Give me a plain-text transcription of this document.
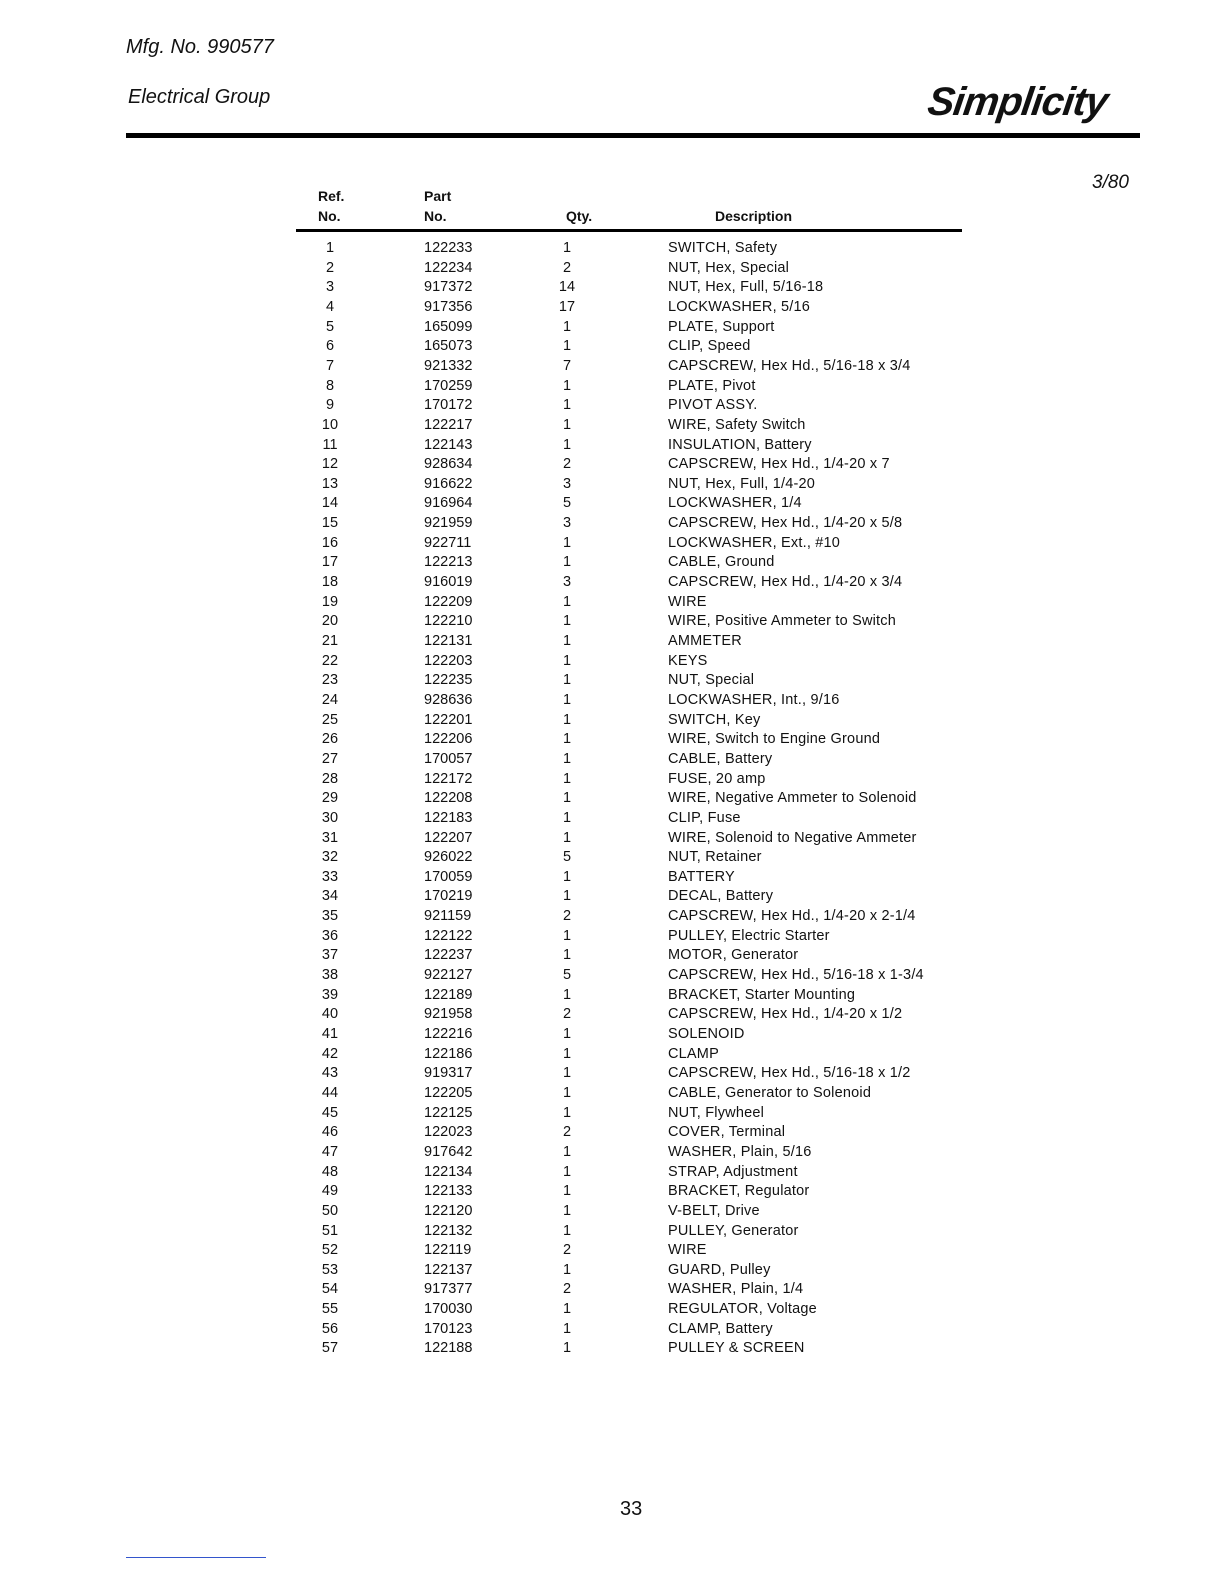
Mfg. No. 990577
Electrical Group	Simplicity
3/80
Ref.
No.
Part
No.	Qty.	Description
1	122233	1	SWITCH, Safety
2	122234	2	NUT, Hex, Special
3	917372	14	NUT, Hex, Full, 5/16-18
4	917356	17	LOCKWASHER, 5/16
5	165099	1	PLATE, Support
6	165073	1	CLIP, Speed
7	921332	7	CAPSCREW, Hex Hd., 5/16-18 x 3/4
8	170259	1	PLATE, Pivot
9	170172	1	PIVOT ASSY.
10	122217	1	WIRE, Safety Switch
11	122143	1	INSULATION, Battery
12	928634	2	CAPSCREW, Hex Hd., 1/4-20 x 7
13	916622	3	NUT, Hex, Full, 1/4-20
14	916964	5	LOCKWASHER, 1/4
15	921959	3	CAPSCREW, Hex Hd., 1/4-20 x 5/8
16	922711	1	LOCKWASHER, Ext., #10
17	122213	1	CABLE, Ground
18	916019	3	CAPSCREW, Hex Hd., 1/4-20 x 3/4
19	122209	1	WIRE
20	122210	1	WIRE, Positive Ammeter to Switch
21	122131	1	AMMETER
22	122203	1	KEYS
23	122235	1	NUT, Special
24	928636	1	LOCKWASHER, Int., 9/16
25	122201	1	SWITCH, Key
26	122206	1	WIRE, Switch to Engine Ground
27	170057	1	CABLE, Battery
28	122172	1	FUSE, 20 amp
29	122208	1	WIRE, Negative Ammeter to Solenoid
30	122183	1	CLIP, Fuse
31	122207	1	WIRE, Solenoid to Negative Ammeter
32	926022	5	NUT, Retainer
33	170059	1	BATTERY
34	170219	1	DECAL, Battery
35	921159	2	CAPSCREW, Hex Hd., 1/4-20 x 2-1/4
36	122122	1	PULLEY, Electric Starter
37	122237	1	MOTOR, Generator
38	922127	5	CAPSCREW, Hex Hd., 5/16-18 x 1-3/4
39	122189	1	BRACKET, Starter Mounting
40	921958	2	CAPSCREW, Hex Hd., 1/4-20 x 1/2
41	122216	1	SOLENOID
42	122186	1	CLAMP
43	919317	1	CAPSCREW, Hex Hd., 5/16-18 x 1/2
44	122205	1	CABLE, Generator to Solenoid
45	122125	1	NUT, Flywheel
46	122023	2	COVER, Terminal
47	917642	1	WASHER, Plain, 5/16
48	122134	1	STRAP, Adjustment
49	122133	1	BRACKET, Regulator
50	122120	1	V-BELT, Drive
51	122132	1	PULLEY, Generator
52	122119	2	WIRE
53	122137	1	GUARD, Pulley
54	917377	2	WASHER, Plain, 1/4
55	170030	1	REGULATOR, Voltage
56	170123	1	CLAMP, Battery
57	122188	1	PULLEY & SCREEN
33
